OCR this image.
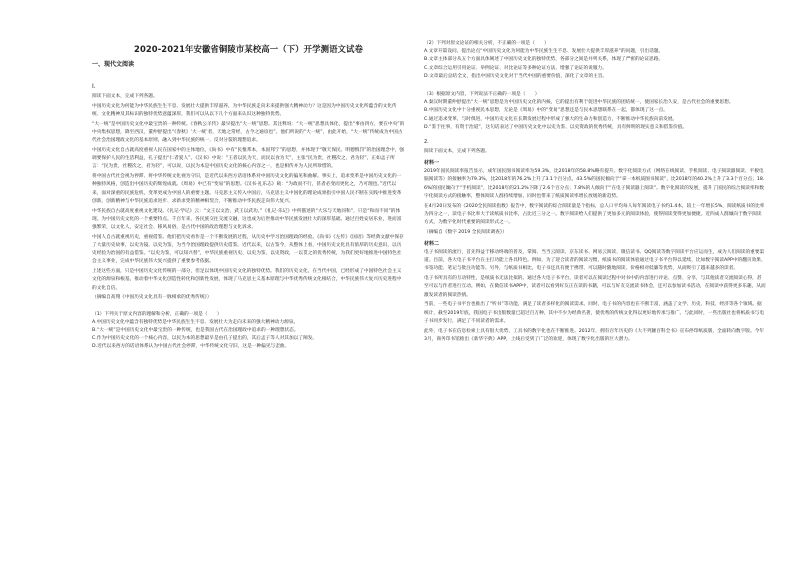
2020-2021年安徽省铜陵市某校高一（下）开学测语文试卷
一、现代文阅读
I.

阅读下面文本，完成下列各题。

中国历史文化为何能为中华民族生生不息、发展壮大提供丰厚滋养，为中华民族走向未来提供强大精神动力？这是因为中国历史文化所蕴含的文化传统、文化精神及其标识的独特优势意蕴深厚，我们可以从以下几个方面来认识这种独特优势。

“大一统”是中国历史文化中最宝贵的一种传统。《春秋公羊传》最早提出“大一统”思想。其注释说：“大一统”思想具体化，提出“事由四方，要在中央”的中央集权思想，降至西汉，董仲舒提出“《春秋》‘大一统’者，天地之常经，古今之通谊也”。他们所说的“大一统”，由此开始，“大一统”传统成为中国古代社会治国理政文化的基本原则，融入到中华民族的统一、反对分裂的理想追求。

中国历史文化自古就高度重视人民在国家中的主体地位。《尚书》中有“民惟邦本，本固邦宁”的思想，并体现于“敬天保民、明德慎罚”的治国理念中，强调要保护人民的生活利益，孔子提出“仁者爱人”。《汉书》中说：“王者以民为天，而民以食为天”，主张“民为贵，社稷次之，君为轻”，正如孟子所言：“民为贵，社稷次之，君为轻”，可以说，以民为本是中国历史文化的核心内容之一，也是相传并为人民所珍惜的。

将中国古代社会视为停滞、将中华传统文化视为守旧，是近代以来西方话语体系对中国历史文化的偏见和曲解。事实上，追求变革是中国历史文化的一种独特风格，创造出中国历史的辉煌成就。《周易》中已有“变易”的思想。《汉书·礼乐志》载：“为政而不行，甚者必变而更化之，乃可理也。”近代以来，面对深重的民族危机，变革更成为中国人的重要主题。马克思主义传入中国后，马克思主义中国化的理论成果指引中国人民不断在实践中推进变革创新，创新精神与中华民族追求进步、求新求变的精神相契合，不断推动中华民族走向伟大复兴。

中华民族自古就高度重视文化建设。《礼记·学记》云：“文王以文治，武王以武功。”《礼记·乐记》中所描述的“大乐与天地同和”，只是“和而不同”的体现。为中国历史文化的一个重要特点。千百年来，各民族交往交流交融，这也成为后世推动中华民族发展壮大的深厚基础。通过百姓安居乐业，进而富强繁荣，以文化人，安定社会、移风易俗，是古代中国的政治理想与文化诉求。

中国人自古就重视历史，重视借鉴。他们把历史看作是一个不断发展的过程，从历史中学习治国理政的经验。《尚书》《左传》《国语》等经典文献中保存了大量历史故事，以史为镜、以史为鉴，为当今治国理政提供历史借鉴。近代以来，以古鉴今，从整体上看，中国历史文化具有浓厚的历史意识，以历史经验为治国的有益借鉴。“以史为鉴，可以知兴替”，中华民族重视历史、以史为鉴，以史资政，一以贯之的优秀传统，为我们更好地推进中国特色社会主义事业，完成中华民族伟大复兴提供了重要参考依据。

上述这些方面，只是中国历史文化传统的一部分，但足以体现中国历史文化的独特优势。我们的历史文化，在当代中国，已经形成了中国特色社会主义文化的源泉和根基，推动着中华文化创造性转化和创新性发展，体现了马克思主义基本原理与中华优秀传统文化相结合，中华民族伟大复兴历史进程中的文化自信。

（摘编自高翔《中国历史文化具有一脉相承的优秀传统》）

（1）下列关于原文内容的理解和分析，正确的一项是（　　）

A.中国历史文化中蕴含有独特优势是中华民族生生不息、发展壮大为走向未来的强大精神动力源泉。

B.“大一统”是中国历史文化中最宝贵的一种传统，也是我国古代在治国理政中追求的一种理想状态。

C.作为中国历史文化的一个核心内容，以民为本的思想最早是由孔子提出的，其后孟子等人对其加以了阐发。

D.近代以来西方的话语体系认为中国古代社会停滞，中华传统文化守旧，这是一种偏见与歪曲。

（2）下列对原文论证的相关分析，不正确的一项是（　　）

A.文章开篇设问，提出论点“中国历史文化为何能为中华民族生生不息、发展壮大提供丰厚滋养”的问题，引出话题。

B.文章主体部分从五个方面具体阐述了中国历史文化的独特优势，各部分之间是并列关系，体现了严密的论证思路。

C.文章综合运用引用论证、举例论证、对比论证等多种论证方法，增强了论证的说服力。

D.文章最后总结全文，指出中国历史文化对于当代中国的重要价值，深化了文章的主旨。

（3）根据原文内容，下列说法不正确的一项是（　　）

A.秦汉时期董仲舒提出“大一统”思想是为中国历史文化的内核，它的提出有利于促进中华民族的团结统一，使国家长治久安，是古代社会的重要思想。

B.中国历史文化中十分重视民本思想，无论是《周易》中的“变易”思想还是与民本思想联系在一起，都体现了这一点。

C.通过追求变革，与时俱进，中国历史文化在长期发展过程中形成了强大的生命力和创造力，不断推动中华民族向前发展。

D.“鉴于往事，有资于治道”，这句话表达了中国历史文化中以史为鉴、以史资政的优秀传统，具有鲜明的现实意义和借鉴价值。

2.

阅读下面文本，完成下列各题。

材料一

2019年国民阅读率报告显示，成年国民图书阅读率为59.3%，比2018年的58.8%略有提升。数字化阅读方式（网络在线阅读、手机阅读、电子阅读器阅读、平板电脑阅读等）的接触率为79.3%，比2018年的76.2%上升了3.1个百分点。43.5%的国民倾向于“拿一本纸质图书阅读”，比2018年的40.2%上升了3.3个百分点；18.6%的国民倾向于“手机阅读”，比2018年的21.2%下降了2.6个百分点；7.8%的人倾向于“在电子阅读器上阅读”。数字化阅读的发展，提升了国民的综合阅读率和数字化阅读方式的接触率，整体阅读人群持续增加，同时也带来了纸质阅读率增长放缓的新趋势。

在4月20日发布的《2020全民阅读指数》报告中，数字阅读的综合阅读量是个指标，总人口平均每人每年阅读电子书约1.4本，较上一年增长5%，阅读纸质书的比率为四分之一，读电子书比率大于读纸质书比率，占比近三分之一。数字阅读给人们提供了更加多元的阅读体验，使得阅读变得更加便捷。近四成人群倾向于数字阅读方式，为数字化时代重要的阅读形式之一。

（摘编自《数字 2019 全民阅读调查》）

材料二

电子书阅读的流行，首先得益于移动终端的普及，掌阅、当当云阅读、京东读书、网易云阅读、微信读书、QQ阅读等数字阅读平台应运而生，成为人们阅读的重要渠道。目前，各大电子书平台在主打功能上各具特色。例如，为了迎合读者的阅读习惯，纸质书的阅读体验通过电子书平台得以延续，比如数字阅读APP中的翻页效果、书签功能、笔记与批注功能等。另外，与纸质书相比，电子书还具有便于携带、可以随时随地阅读、价格相对低廉等优势，从而吸引了越来越多的读者。

电子书所具有的互动特性，是纸质书无法比拟的。通过各大电子书平台，读者可以在阅读过程中对书中的内容进行评论、点赞、分享，与其他读者交流阅读心得，甚至可以与作者进行互动。例如，在微信读书APP中，读者可以看到好友正在读的书籍，可以与好友交流读书体会，还可以参加读书活动，在阅读中获得更多乐趣，从而激发读者的阅读热情。

当前，一些电子书平台也推出了“听书”等功能，满足了读者多样化的阅读需求。同时，电子书的内容也在不断丰富，涵盖了文学、历史、科技、经济等各个领域。据统计，截至2019年底，我国电子书出版数量已超过百万种，其中不少为经典名著，使优秀的传统文化得以更好地传承与推广。与此同时，一些出版社也将纸质书与电子书同步发行，满足了不同读者的需求。

此外，电子书在信息检索上具有很大优势，工具书的数字化也在不断推进。2012年，拥有百年历史的《大不列颠百科全书》宣布停印纸质版，全面转向数字版。今年3月，商务印书馆推出《新华字典》APP，上线后受到了广泛的欢迎，体现了数字化出版的巨大潜力。
